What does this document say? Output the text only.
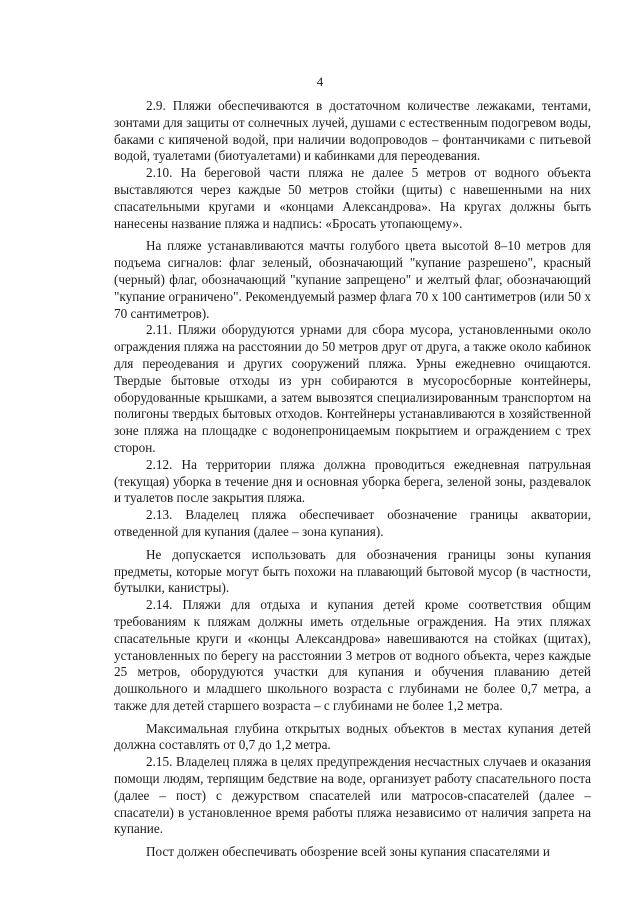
4

2.9. Пляжи обеспечиваются в достаточном количестве лежаками, тентами, зонтами для защиты от солнечных лучей, душами с естественным подогревом воды, баками с кипяченой водой, при наличии водопроводов – фонтанчиками с питьевой водой, туалетами (биотуалетами) и кабинками для переодевания.

2.10. На береговой части пляжа не далее 5 метров от водного объекта выставляются через каждые 50 метров стойки (щиты) с навешенными на них спасательными кругами и «концами Александрова». На кругах должны быть нанесены название пляжа и надпись: «Бросать утопающему».

На пляже устанавливаются мачты голубого цвета высотой 8–10 метров для подъема сигналов: флаг зеленый, обозначающий "купание разрешено", красный (черный) флаг, обозначающий "купание запрещено" и желтый флаг, обозначающий "купание ограничено". Рекомендуемый размер флага 70 х 100 сантиметров (или 50 х 70 сантиметров).

2.11. Пляжи оборудуются урнами для сбора мусора, установленными около ограждения пляжа на расстоянии до 50 метров друг от друга, а также около кабинок для переодевания и других сооружений пляжа. Урны ежедневно очищаются. Твердые бытовые отходы из урн собираются в мусоросборные контейнеры, оборудованные крышками, а затем вывозятся специализированным транспортом на полигоны твердых бытовых отходов. Контейнеры устанавливаются в хозяйственной зоне пляжа на площадке с водонепроницаемым покрытием и ограждением с трех сторон.

2.12. На территории пляжа должна проводиться ежедневная патрульная (текущая) уборка в течение дня и основная уборка берега, зеленой зоны, раздевалок и туалетов после закрытия пляжа.

2.13. Владелец пляжа обеспечивает обозначение границы акватории, отведенной для купания (далее – зона купания).

Не допускается использовать для обозначения границы зоны купания предметы, которые могут быть похожи на плавающий бытовой мусор (в частности, бутылки, канистры).

2.14. Пляжи для отдыха и купания детей кроме соответствия общим требованиям к пляжам должны иметь отдельные ограждения. На этих пляжах спасательные круги и «концы Александрова» навешиваются на стойках (щитах), установленных по берегу на расстоянии 3 метров от водного объекта, через каждые 25 метров, оборудуются участки для купания и обучения плаванию детей дошкольного и младшего школьного возраста с глубинами не более 0,7 метра, а также для детей старшего возраста – с глубинами не более 1,2 метра.

Максимальная глубина открытых водных объектов в местах купания детей должна составлять от 0,7 до 1,2 метра.

2.15. Владелец пляжа в целях предупреждения несчастных случаев и оказания помощи людям, терпящим бедствие на воде, организует работу спасательного поста (далее – пост) с дежурством спасателей или матросов-спасателей (далее – спасатели) в установленное время работы пляжа независимо от наличия запрета на купание.

Пост должен обеспечивать обозрение всей зоны купания спасателями и
